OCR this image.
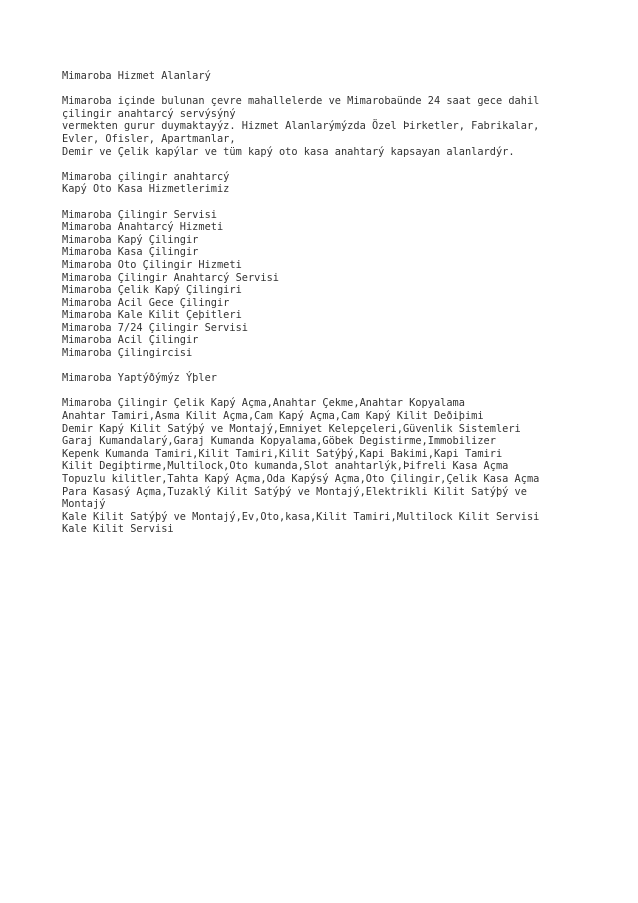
Mimaroba Hizmet Alanlarý
Mimaroba içinde bulunan çevre mahallelerde ve Mimarobaünde 24 saat gece dahil
çilingir anahtarcý servýsýný
vermekten gurur duymaktayýz. Hizmet Alanlarýmýzda Özel Þirketler, Fabrikalar,
Evler, Ofisler, Apartmanlar,
Demir ve Çelik kapýlar ve tüm kapý oto kasa anahtarý kapsayan alanlardýr.
Mimaroba çilingir anahtarcý
Kapý Oto Kasa Hizmetlerimiz
Mimaroba Çilingir Servisi
Mimaroba Anahtarcý Hizmeti
Mimaroba Kapý Çilingir
Mimaroba Kasa Çilingir
Mimaroba Oto Çilingir Hizmeti
Mimaroba Çilingir Anahtarcý Servisi
Mimaroba Çelik Kapý Çilingiri
Mimaroba Acil Gece Çilingir
Mimaroba Kale Kilit Çeþitleri
Mimaroba 7/24 Çilingir Servisi
Mimaroba Acil Çilingir
Mimaroba Çilingircisi
Mimaroba Yaptýðýmýz Ýþler
Mimaroba Çilingir Çelik Kapý Açma,Anahtar Çekme,Anahtar Kopyalama
Anahtar Tamiri,Asma Kilit Açma,Cam Kapý Açma,Cam Kapý Kilit Deðiþimi
Demir Kapý Kilit Satýþý ve Montajý,Emniyet Kelepçeleri,Güvenlik Sistemleri
Garaj Kumandalarý,Garaj Kumanda Kopyalama,Göbek Degistirme,Immobilizer
Kepenk Kumanda Tamiri,Kilit Tamiri,Kilit Satýþý,Kapi Bakimi,Kapi Tamiri
Kilit Degiþtirme,Multilock,Oto kumanda,Slot anahtarlýk,Þifreli Kasa Açma
Topuzlu kilitler,Tahta Kapý Açma,Oda Kapýsý Açma,Oto Çilingir,Çelik Kasa Açma
Para Kasasý Açma,Tuzaklý Kilit Satýþý ve Montajý,Elektrikli Kilit Satýþý ve
Montajý
Kale Kilit Satýþý ve Montajý,Ev,Oto,kasa,Kilit Tamiri,Multilock Kilit Servisi
Kale Kilit Servisi
